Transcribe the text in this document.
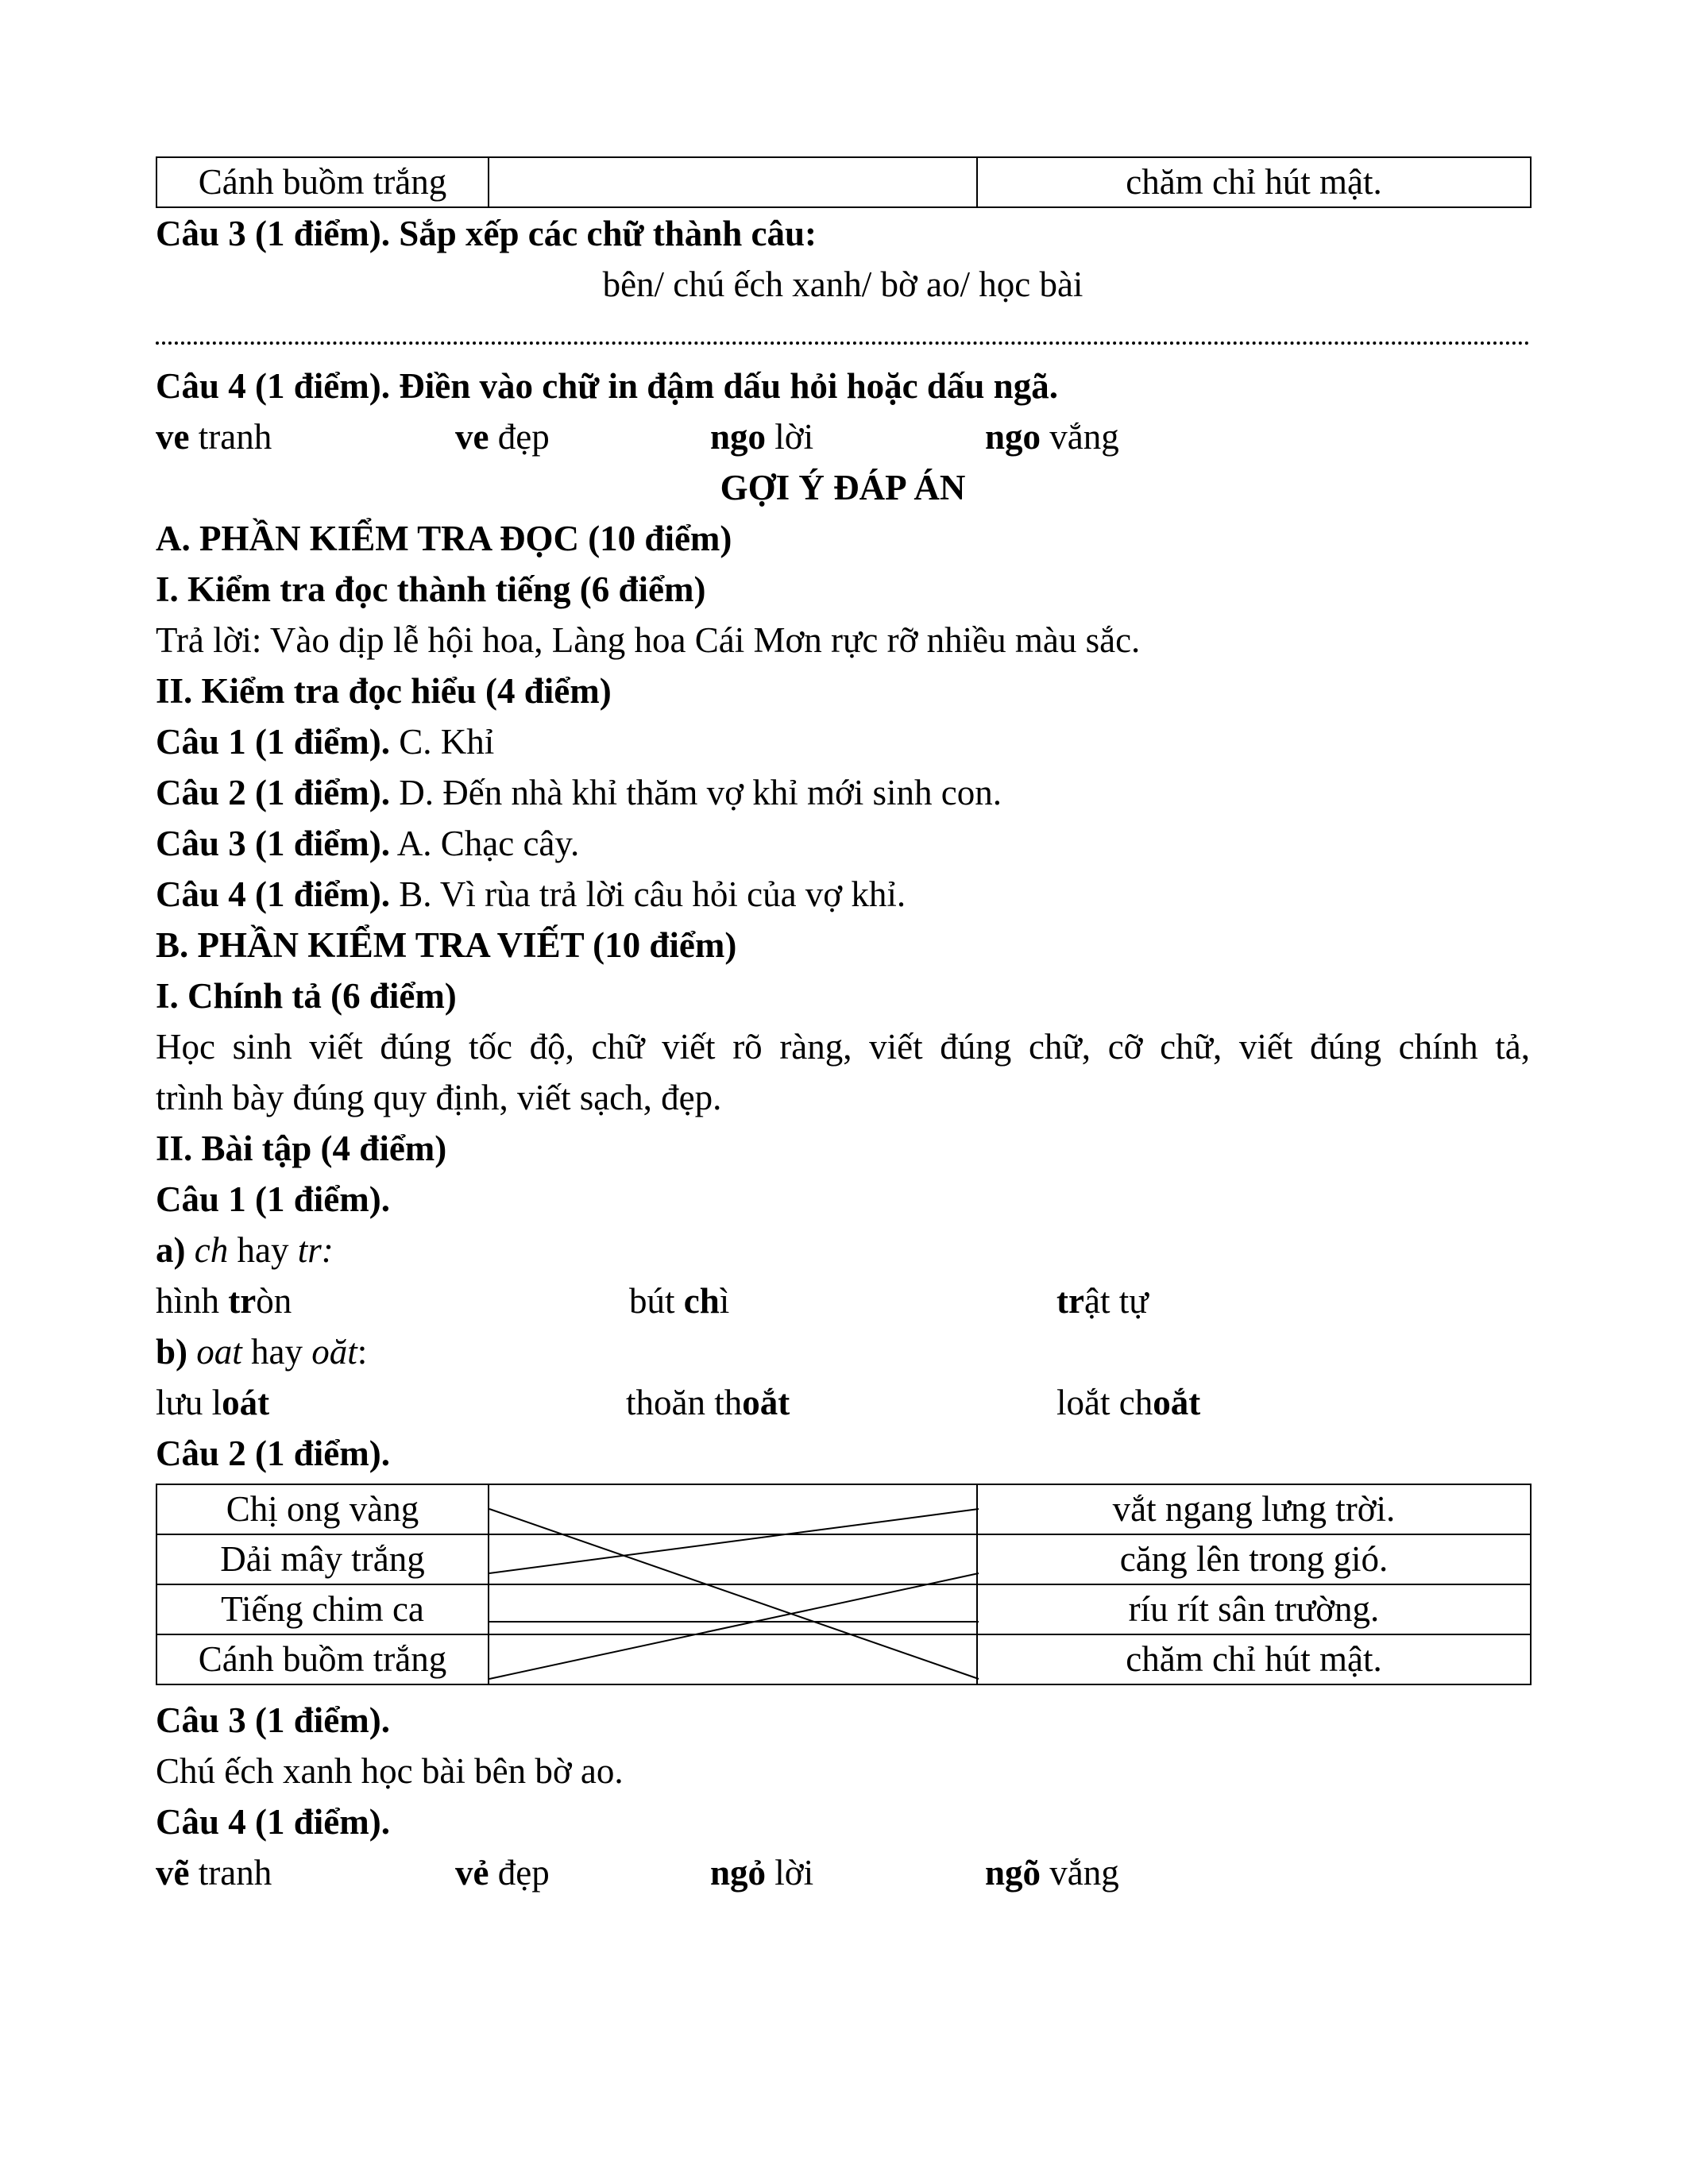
Cánh buồm trắng		chăm chỉ hút mật.
Câu 3 (1 điểm). Sắp xếp các chữ thành câu:
bên/ chú ếch xanh/ bờ ao/ học bài
Câu 4 (1 điểm). Điền vào chữ in đậm dấu hỏi hoặc dấu ngã.
ve tranh	ve đẹp	ngo lời	ngo vắng
GỢI Ý ĐÁP ÁN
A. PHẦN KIỂM TRA ĐỌC (10 điểm)
I. Kiểm tra đọc thành tiếng (6 điểm)
Trả lời: Vào dịp lễ hội hoa, Làng hoa Cái Mơn rực rỡ nhiều màu sắc.
II. Kiểm tra đọc hiểu (4 điểm)
Câu 1 (1 điểm). C. Khỉ
Câu 2 (1 điểm). D. Đến nhà khỉ thăm vợ khỉ mới sinh con.
Câu 3 (1 điểm). A. Chạc cây.
Câu 4 (1 điểm). B. Vì rùa trả lời câu hỏi của vợ khỉ.
B. PHẦN KIỂM TRA VIẾT (10 điểm)
I. Chính tả (6 điểm)
Học sinh viết đúng tốc độ, chữ viết rõ ràng, viết đúng chữ, cỡ chữ, viết đúng chính tả,
trình bày đúng quy định, viết sạch, đẹp.
II. Bài tập (4 điểm)
Câu 1 (1 điểm).
a) ch hay tr:
hình tròn	bút chì	trật tự
b) oat hay oăt:
lưu loát	thoăn thoắt	loắt choắt
Câu 2 (1 điểm).
Chị ong vàng		vắt ngang lưng trời.
Dải mây trắng		căng lên trong gió.
Tiếng chim ca		ríu rít sân trường.
Cánh buồm trắng		chăm chỉ hút mật.
Câu 3 (1 điểm).
Chú ếch xanh học bài bên bờ ao.
Câu 4 (1 điểm).
vẽ tranh	vẻ đẹp	ngỏ lời	ngõ vắng
